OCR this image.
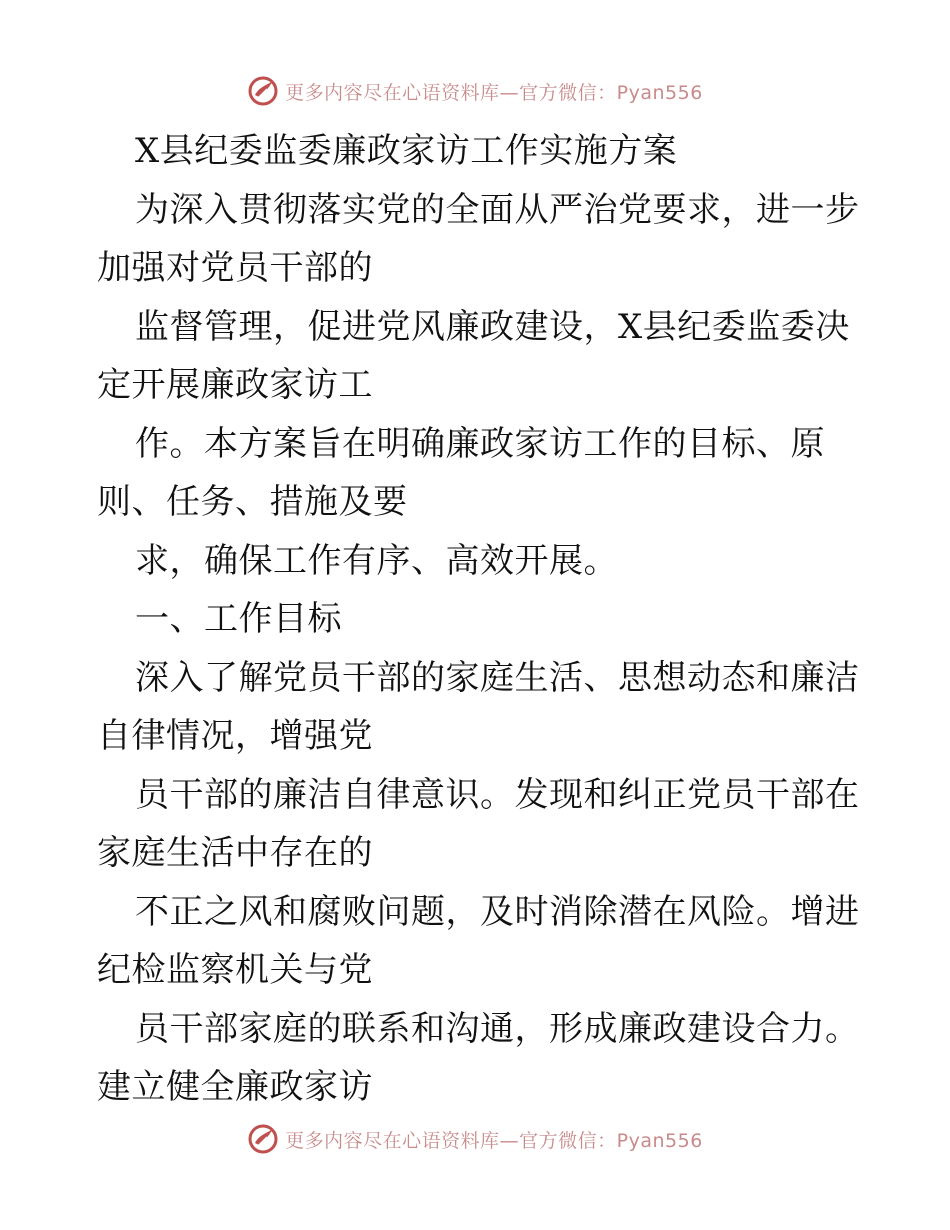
更多内容尽在心语资料库—官方微信：Pyan556
X县纪委监委廉政家访工作实施方案
为深入贯彻落实党的全面从严治党要求，进一步
加强对党员干部的
监督管理，促进党风廉政建设，X县纪委监委决
定开展廉政家访工
作。本方案旨在明确廉政家访工作的目标、原
则、任务、措施及要
求，确保工作有序、高效开展。
一、工作目标
深入了解党员干部的家庭生活、思想动态和廉洁
自律情况，增强党
员干部的廉洁自律意识。发现和纠正党员干部在
家庭生活中存在的
不正之风和腐败问题，及时消除潜在风险。增进
纪检监察机关与党
员干部家庭的联系和沟通，形成廉政建设合力。
建立健全廉政家访
更多内容尽在心语资料库—官方微信：Pyan556
